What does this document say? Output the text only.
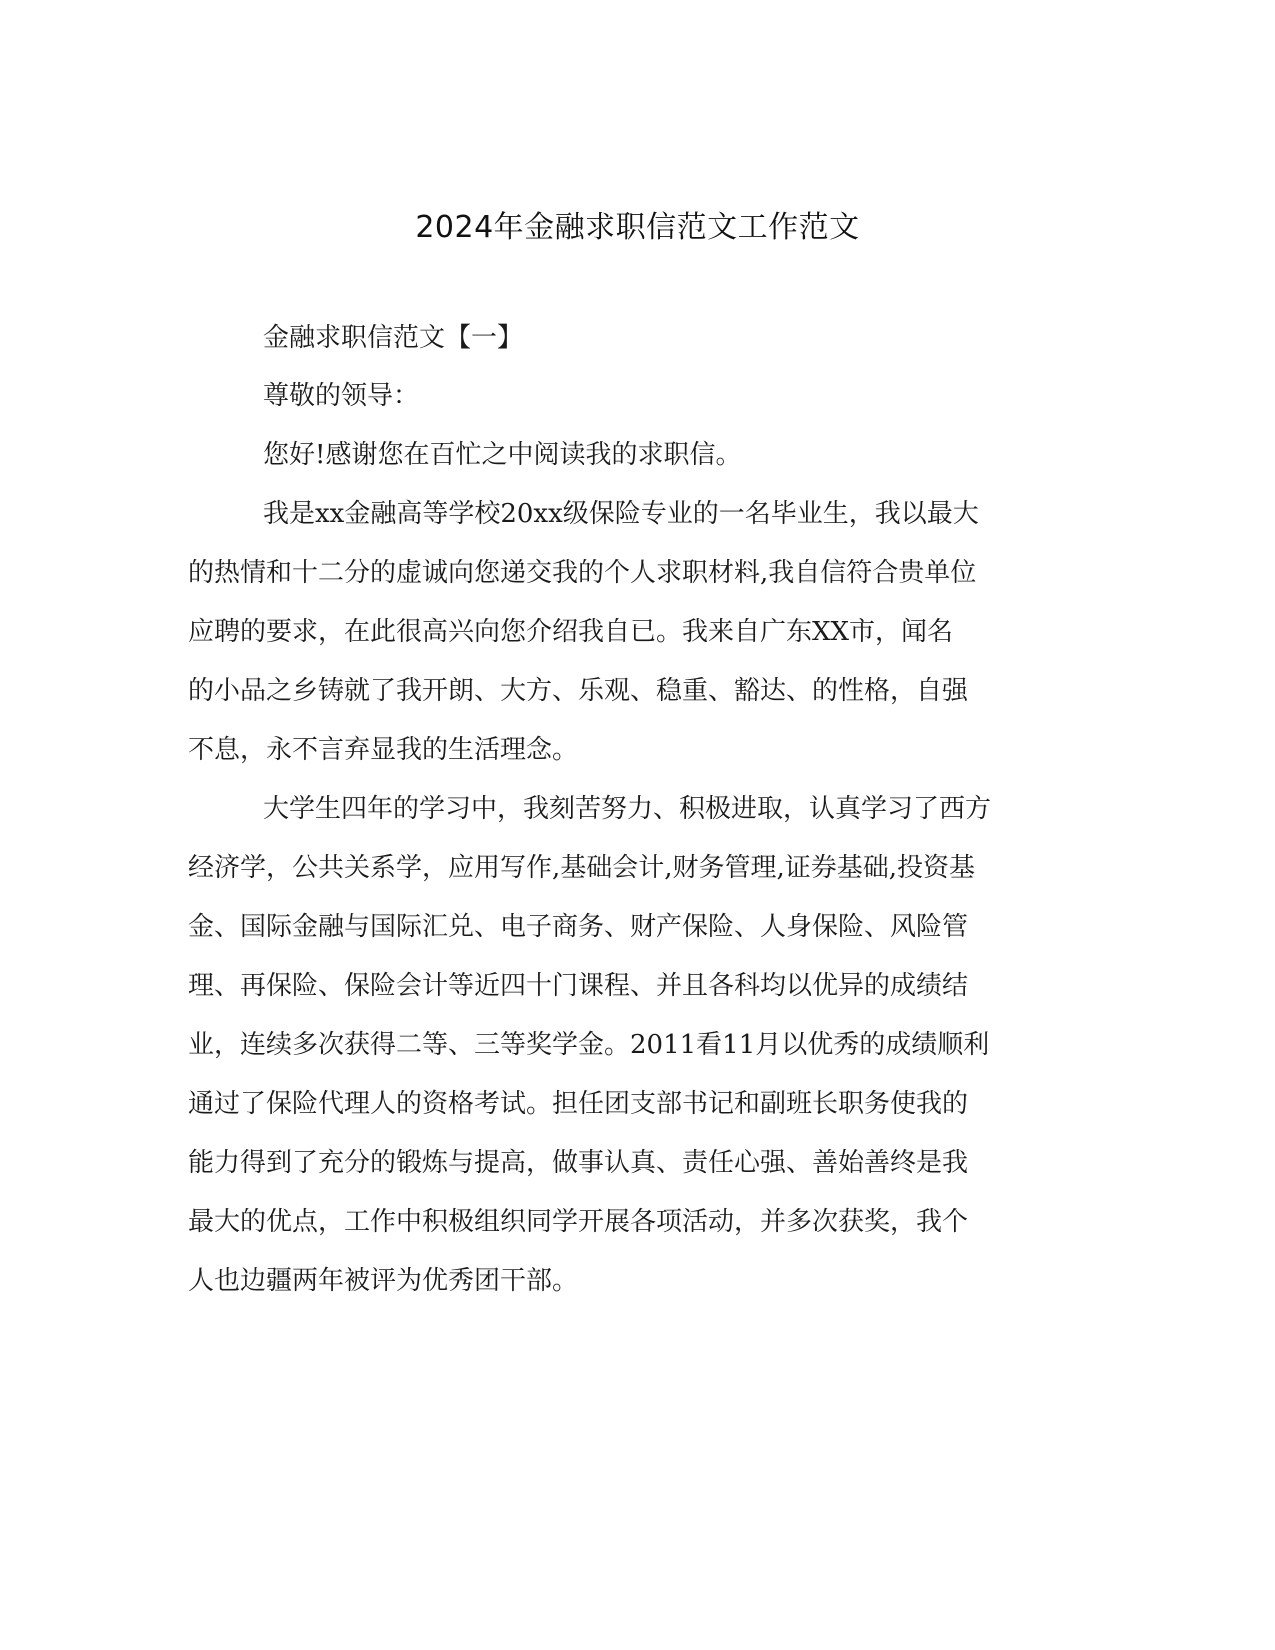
2024年金融求职信范文工作范文
金融求职信范文【一】
尊敬的领导：
您好!感谢您在百忙之中阅读我的求职信。
我是xx金融高等学校20xx级保险专业的一名毕业生，我以最大
的热情和十二分的虚诚向您递交我的个人求职材料,我自信符合贵单位
应聘的要求，在此很高兴向您介绍我自已。我来自广东XX市，闻名
的小品之乡铸就了我开朗、大方、乐观、稳重、豁达、的性格，自强
不息，永不言弃显我的生活理念。
大学生四年的学习中，我刻苦努力、积极进取，认真学习了西方
经济学，公共关系学，应用写作,基础会计,财务管理,证券基础,投资基
金、国际金融与国际汇兑、电子商务、财产保险、人身保险、风险管
理、再保险、保险会计等近四十门课程、并且各科均以优异的成绩结
业，连续多次获得二等、三等奖学金。2011看11月以优秀的成绩顺利
通过了保险代理人的资格考试。担任团支部书记和副班长职务使我的
能力得到了充分的锻炼与提高，做事认真、责任心强、善始善终是我
最大的优点，工作中积极组织同学开展各项活动，并多次获奖，我个
人也边疆两年被评为优秀团干部。
